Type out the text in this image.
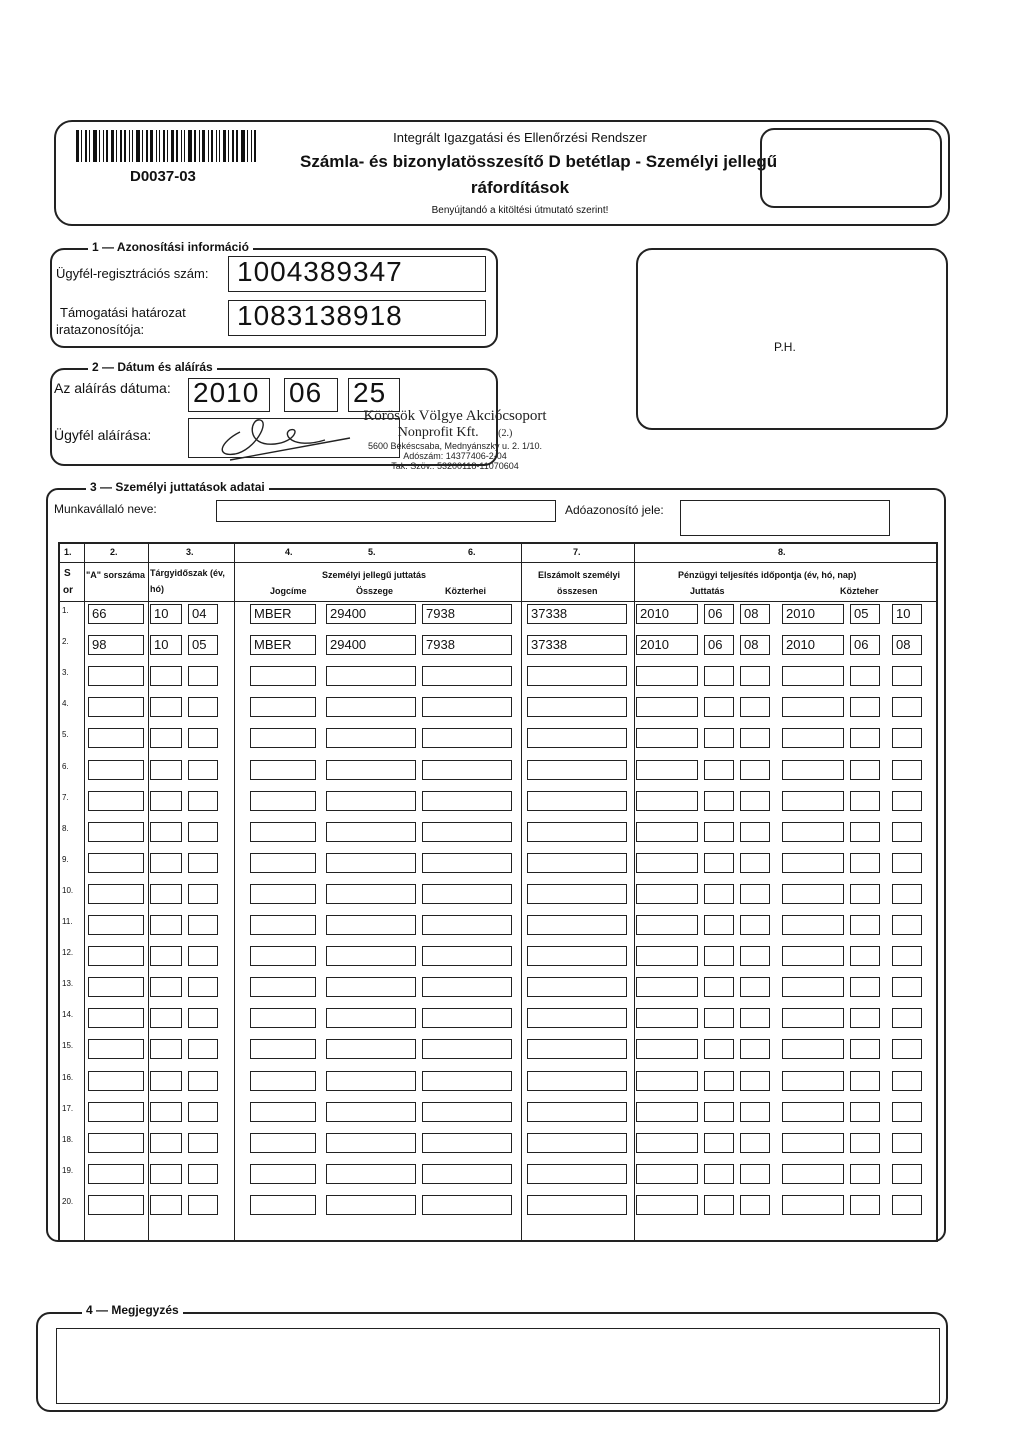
D0037-03
Integrált Igazgatási és Ellenőrzési Rendszer
Számla- és bizonylatösszesítő D betétlap - Személyi jellegű
ráfordítások
Benyújtandó a kitöltési útmutató szerint!
1 — Azonosítási információ
Ügyfél-regisztrációs szám: 1004389347
Támogatási határozat
iratazonosítója:	1083138918
P.H.
2 — Dátum és aláírás
Az aláírás dátuma: 2010 06 25
Ügyfél aláírása:
Körösök Völgye Akciócsoport
Nonprofit Kft. (2.)
5600 Békéscsaba, Mednyánszky u. 2. 1/10.
Adószám: 14377406-2-04
Tak. Szöv.: 53200118-11070604
3 — Személyi juttatások adatai
Munkavállaló neve:	Adóazonosító jele:
1.	2.	3.	4.	5.	6.	7.	8.
S
or
"A" sorszáma Tárgyidőszak (év,
hó)
Személyi jellegű juttatás
Jogcíme	Összege	Közterhei
Elszámolt személyi
összesen
Pénzügyi teljesítés időpontja (év, hó, nap)
Juttatás	Közteher
1.	66	10	04	MBER	29400	7938	37338	2010	06	08	2010	05	10
2.	98	10	05	MBER	29400	7938	37338	2010	06	08	2010	06	08
3.
4.
5.
6.
7.
8.
9.
10.
11.
12.
13.
14.
15.
16.
17.
18.
19.
20.
4 — Megjegyzés
